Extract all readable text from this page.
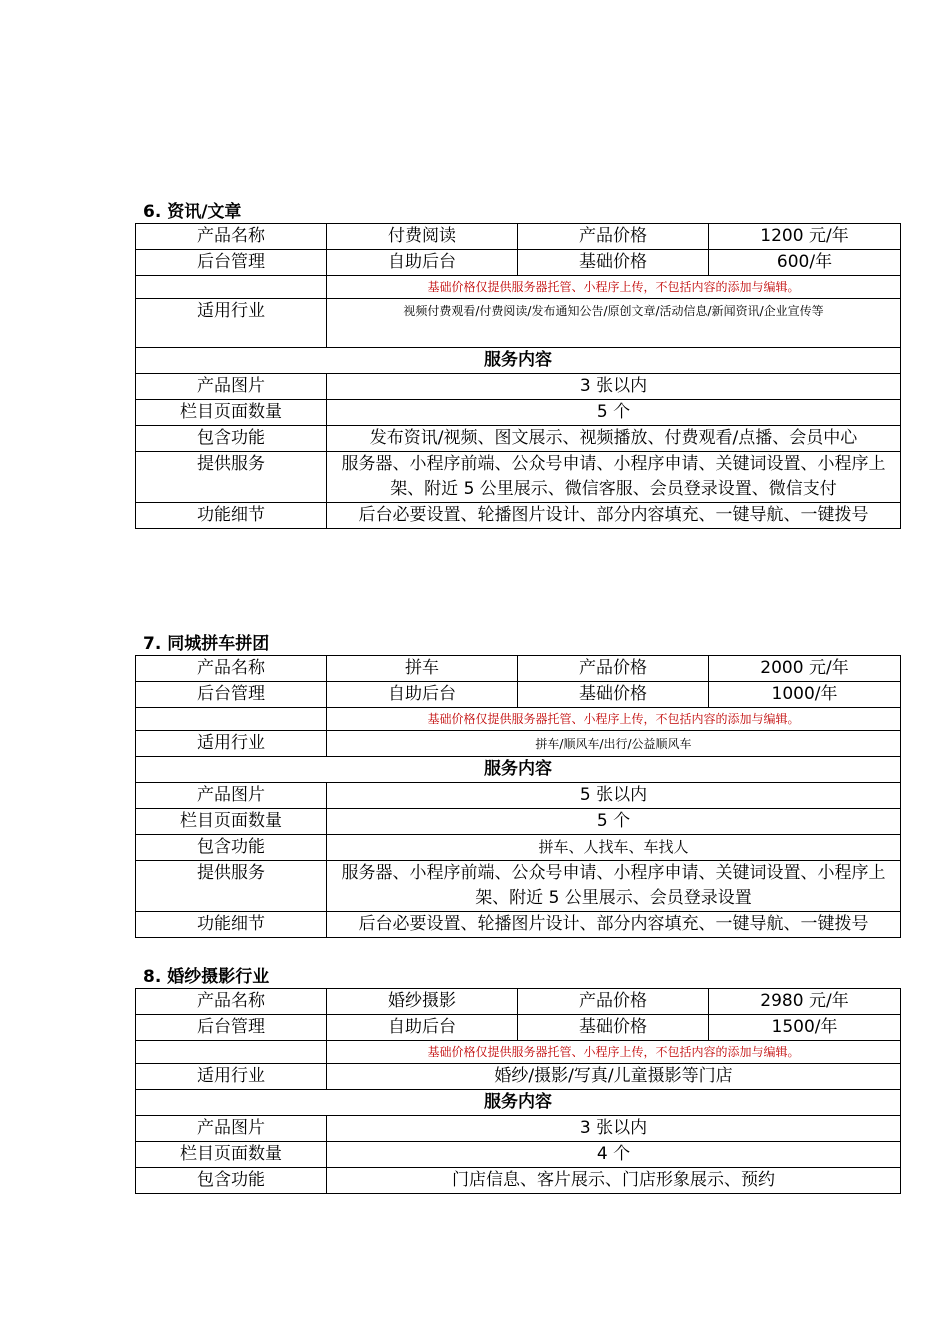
6. 资讯/文章
产品名称	付费阅读	产品价格	1200 元/年
后台管理	自助后台	基础价格	600/年
	基础价格仅提供服务器托管、小程序上传，不包括内容的添加与编辑。		
适用行业	视频付费观看/付费阅读/发布通知公告/原创文章/活动信息/新闻资讯/企业宣传等		
服务内容			
产品图片	3 张以内		
栏目页面数量	5 个		
包含功能	发布资讯/视频、图文展示、视频播放、付费观看/点播、会员中心		
提供服务	服务器、小程序前端、公众号申请、小程序申请、关键词设置、小程序上架、附近 5 公里展示、微信客服、会员登录设置、微信支付		
功能细节	后台必要设置、轮播图片设计、部分内容填充、一键导航、一键拨号		
7. 同城拼车拼团
产品名称	拼车	产品价格	2000 元/年
后台管理	自助后台	基础价格	1000/年
	基础价格仅提供服务器托管、小程序上传，不包括内容的添加与编辑。		
适用行业	拼车/顺风车/出行/公益顺风车		
服务内容			
产品图片	5 张以内		
栏目页面数量	5 个		
包含功能	拼车、人找车、车找人		
提供服务	服务器、小程序前端、公众号申请、小程序申请、关键词设置、小程序上架、附近 5 公里展示、会员登录设置		
功能细节	后台必要设置、轮播图片设计、部分内容填充、一键导航、一键拨号		
8. 婚纱摄影行业
产品名称	婚纱摄影	产品价格	2980 元/年
后台管理	自助后台	基础价格	1500/年
	基础价格仅提供服务器托管、小程序上传，不包括内容的添加与编辑。		
适用行业	婚纱/摄影/写真/儿童摄影等门店		
服务内容			
产品图片	3 张以内		
栏目页面数量	4 个		
包含功能	门店信息、客片展示、门店形象展示、预约		
